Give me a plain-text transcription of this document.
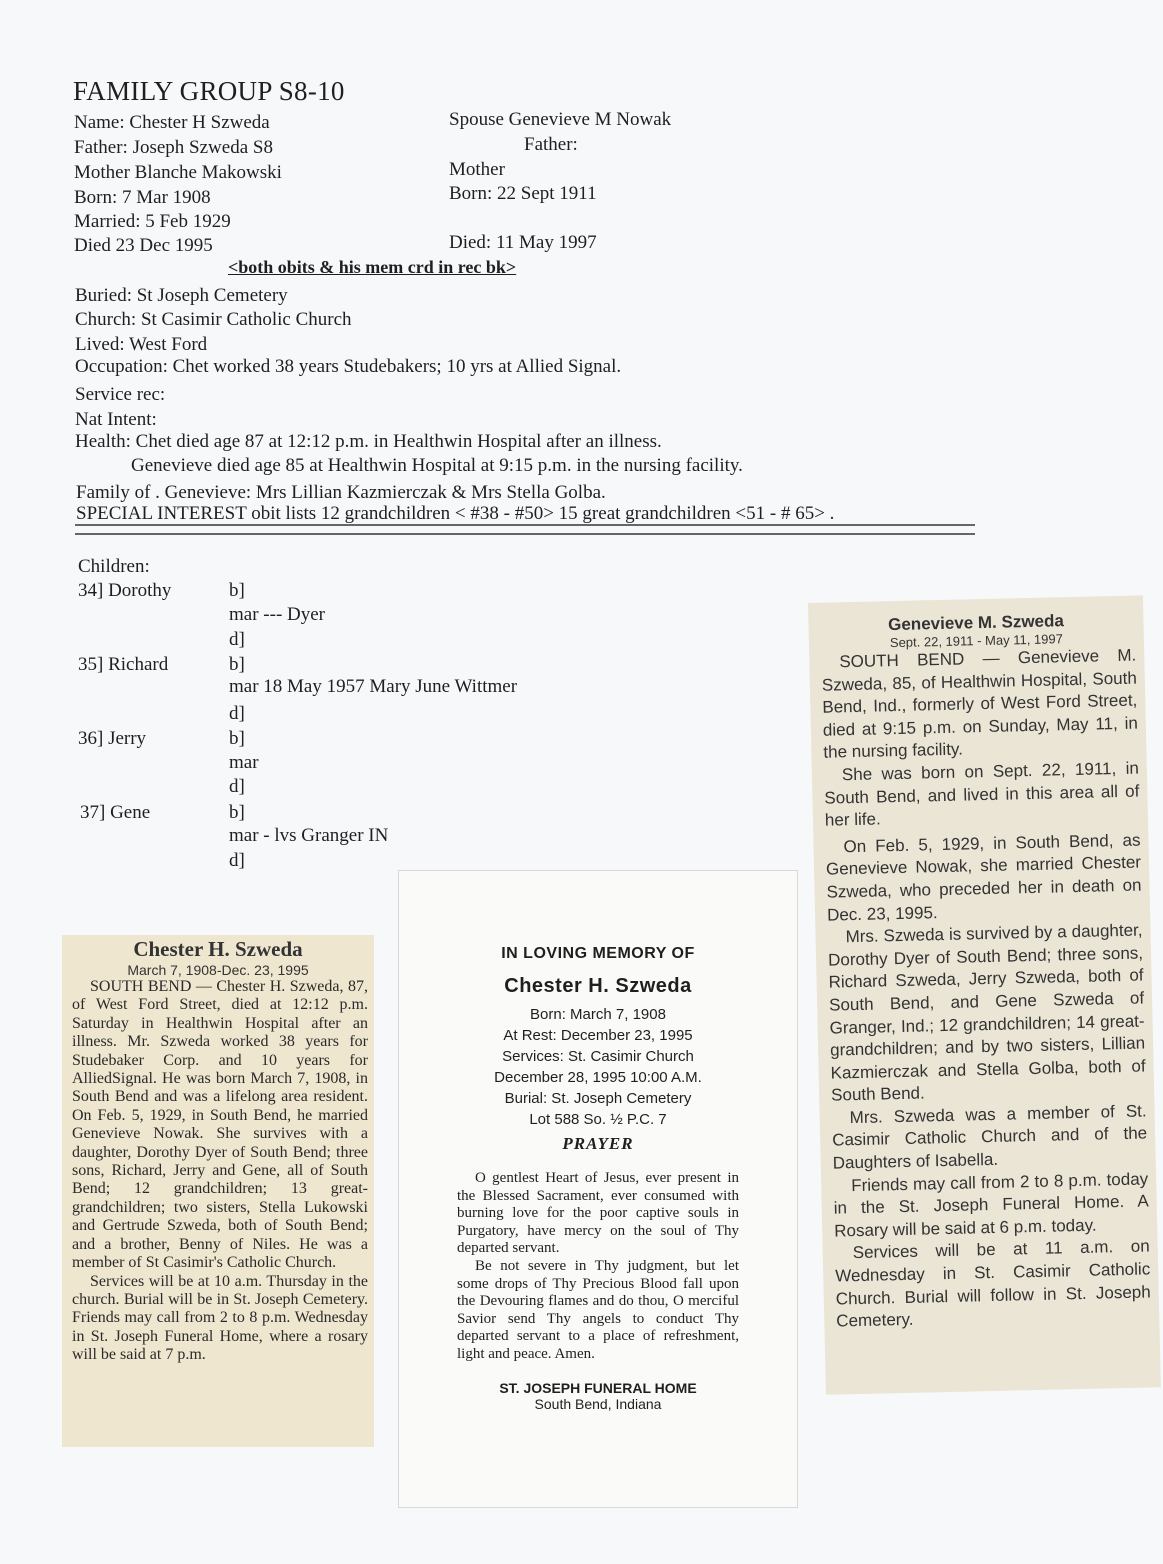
FAMILY GROUP S8-10
Name: Chester H Szweda
Father: Joseph Szweda S8
Mother Blanche Makowski
Born: 7 Mar 1908
Married: 5 Feb 1929
Died 23 Dec 1995
Spouse Genevieve M Nowak
Father:
Mother
Born: 22 Sept 1911
Died: 11 May 1997
<both obits & his mem crd in rec bk>
Buried: St Joseph Cemetery
Church: St Casimir Catholic Church
Lived: West Ford
Occupation: Chet worked 38 years Studebakers; 10 yrs at Allied Signal.
Service rec:
Nat Intent:
Health: Chet died age 87 at 12:12 p.m. in Healthwin Hospital after an illness.
Genevieve died age 85 at Healthwin Hospital at 9:15 p.m. in the nursing facility.
Family of . Genevieve: Mrs Lillian Kazmierczak & Mrs Stella Golba.
SPECIAL INTEREST obit lists 12 grandchildren < #38 - #50> 15 great grandchildren <51 - # 65> .
Children:
34] Dorothy	b]
mar --- Dyer
d]
35] Richard	b]
mar 18 May 1957 Mary June Wittmer
d]
36] Jerry	b]
mar
d]
37] Gene	b]
mar - lvs Granger IN
d]
Chester H. Szweda
March 7, 1908-Dec. 23, 1995

SOUTH BEND — Chester H. Szweda, 87, of West Ford Street, died at 12:12 p.m. Saturday in Healthwin Hospital after an illness. Mr. Szweda worked 38 years for Studebaker Corp. and 10 years for AlliedSignal. He was born March 7, 1908, in South Bend and was a lifelong area resident. On Feb. 5, 1929, in South Bend, he married Genevieve Nowak. She survives with a daughter, Dorothy Dyer of South Bend; three sons, Richard, Jerry and Gene, all of South Bend; 12 grandchildren; 13 great-grandchildren; two sisters, Stella Lukowski and Gertrude Szweda, both of South Bend; and a brother, Benny of Niles. He was a member of St Casimir's Catholic Church.

Services will be at 10 a.m. Thursday in the church. Burial will be in St. Joseph Cemetery. Friends may call from 2 to 8 p.m. Wednesday in St. Joseph Funeral Home, where a rosary will be said at 7 p.m.

IN LOVING MEMORY OF
Chester H. Szweda
Born: March 7, 1908
At Rest: December 23, 1995
Services: St. Casimir Church
December 28, 1995 10:00 A.M.
Burial: St. Joseph Cemetery
Lot 588 So. ½ P.C. 7
PRAYER

O gentlest Heart of Jesus, ever present in the Blessed Sacrament, ever consumed with burning love for the poor captive souls in Purgatory, have mercy on the soul of Thy departed servant.

Be not severe in Thy judgment, but let some drops of Thy Precious Blood fall upon the Devouring flames and do thou, O merciful Savior send Thy angels to conduct Thy departed servant to a place of refreshment, light and peace. Amen.

ST. JOSEPH FUNERAL HOME
South Bend, Indiana
Genevieve M. Szweda
Sept. 22, 1911 - May 11, 1997

SOUTH BEND — Genevieve M. Szweda, 85, of Healthwin Hospital, South Bend, Ind., formerly of West Ford Street, died at 9:15 p.m. on Sunday, May 11, in the nursing facility.

She was born on Sept. 22, 1911, in South Bend, and lived in this area all of her life.

On Feb. 5, 1929, in South Bend, as Genevieve Nowak, she married Chester Szweda, who preceded her in death on Dec. 23, 1995.

Mrs. Szweda is survived by a daughter, Dorothy Dyer of South Bend; three sons, Richard Szweda, Jerry Szweda, both of South Bend, and Gene Szweda of Granger, Ind.; 12 grandchildren; 14 great-grandchildren; and by two sisters, Lillian Kazmierczak and Stella Golba, both of South Bend.

Mrs. Szweda was a member of St. Casimir Catholic Church and of the Daughters of Isabella.

Friends may call from 2 to 8 p.m. today in the St. Joseph Funeral Home. A Rosary will be said at 6 p.m. today.

Services will be at 11 a.m. on Wednesday in St. Casimir Catholic Church. Burial will follow in St. Joseph Cemetery.
